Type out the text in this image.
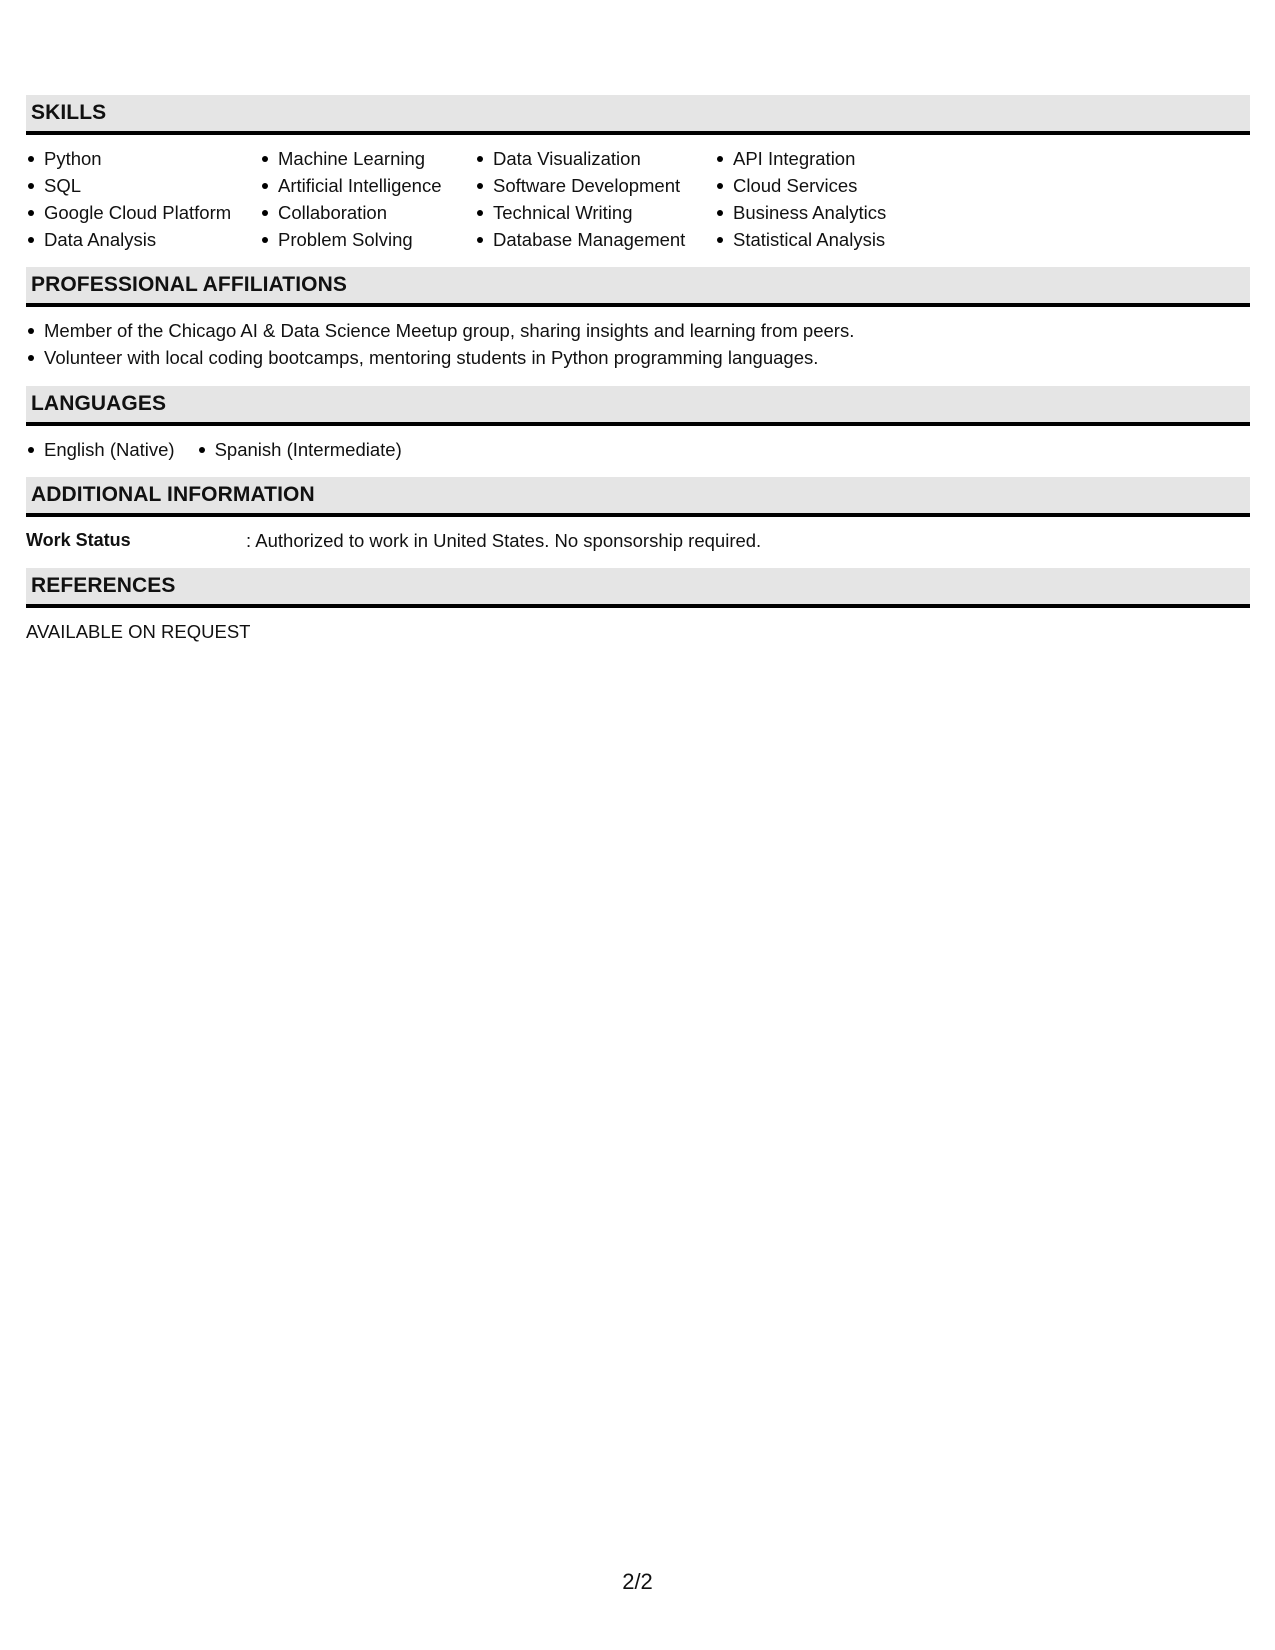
SKILLS
Python
SQL
Google Cloud Platform
Data Analysis
Machine Learning
Artificial Intelligence
Collaboration
Problem Solving
Data Visualization
Software Development
Technical Writing
Database Management
API Integration
Cloud Services
Business Analytics
Statistical Analysis
PROFESSIONAL AFFILIATIONS
Member of the Chicago AI & Data Science Meetup group, sharing insights and learning from peers.
Volunteer with local coding bootcamps, mentoring students in Python programming languages.
LANGUAGES
English (Native)	Spanish (Intermediate)
ADDITIONAL INFORMATION
Work Status	: Authorized to work in United States. No sponsorship required.
REFERENCES
AVAILABLE ON REQUEST
2/2
